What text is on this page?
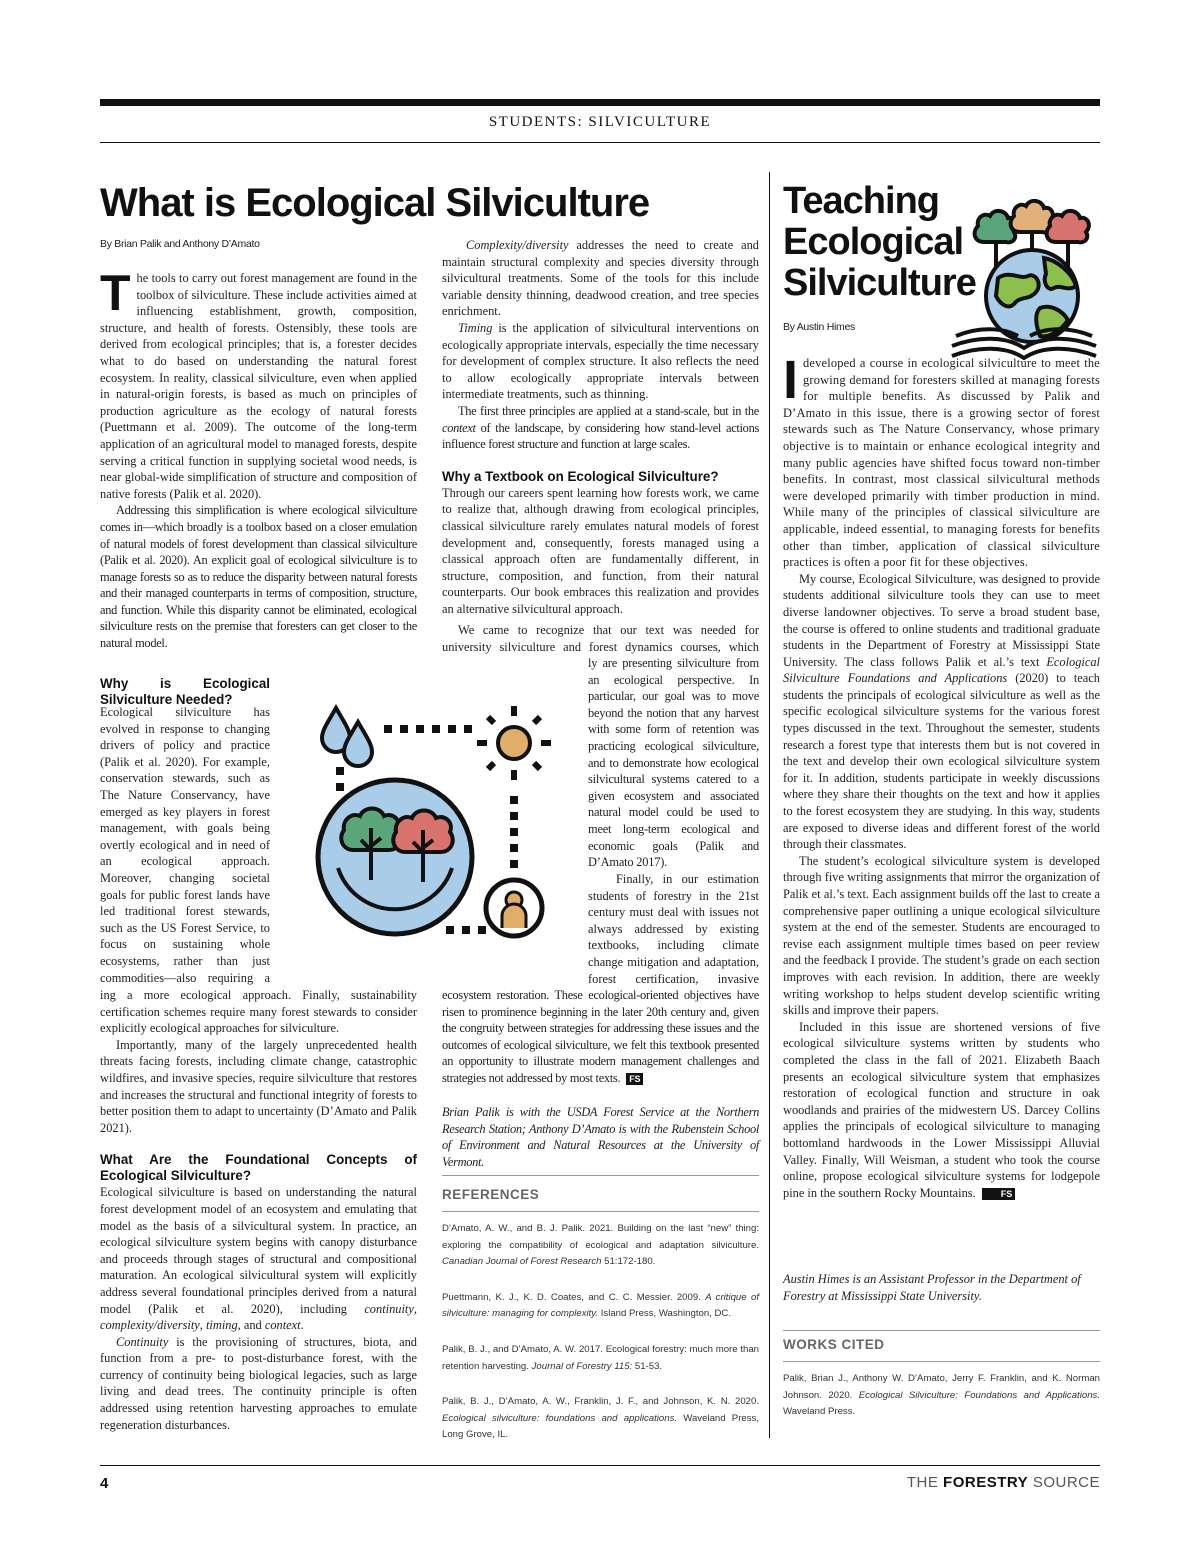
STUDENTS: SILVICULTURE
What is Ecological Silviculture
By Brian Palik and Anthony D’Amato

The tools to carry out forest management are found in the toolbox of silviculture. These include activities aimed at influencing establishment, growth, composition, structure, and health of forests. Ostensibly, these tools are derived from ecological principles; that is, a forester decides what to do based on understanding the natural forest ecosystem. In reality, classical silviculture, even when applied in natural-origin forests, is based as much on principles of production agriculture as the ecology of natural forests (Puettmann et al. 2009). The outcome of the long-term application of an agricultural model to managed forests, despite serving a critical function in supplying societal wood needs, is near global-wide simplification of structure and composition of native forests (Palik et al. 2020).

Addressing this simplification is where ecological silviculture comes in—which broadly is a toolbox based on a closer emulation of natural models of forest development than classical silviculture (Palik et al. 2020). An explicit goal of ecological silviculture is to manage forests so as to reduce the disparity between natural forests and their managed counterparts in terms of composition, structure, and function. While this disparity cannot be eliminated, ecological silviculture rests on the premise that foresters can get closer to the natural model.

Why is Ecological Silviculture Needed?

Ecological silviculture has evolved in response to changing drivers of policy and practice (Palik et al. 2020). For example, conservation stewards, such as The Nature Conservancy, have emerged as key players in forest management, with goals being overtly ecological and in need of an ecological approach. Moreover, changing societal goals for public forest lands have led traditional forest stewards, such as the US Forest Service, to focus on sustaining whole ecosystems, rather than just commodities—also requiring a

ing a more ecological approach. Finally, sustainability certification schemes require many forest stewards to consider explicitly ecological approaches for silviculture.

Importantly, many of the largely unprecedented health threats facing forests, including climate change, catastrophic wildfires, and invasive species, require silviculture that restores and increases the structural and functional integrity of forests to better position them to adapt to uncertainty (D’Amato and Palik 2021).

What Are the Foundational Concepts of Ecological Silviculture?

Ecological silviculture is based on understanding the natural forest development model of an ecosystem and emulating that model as the basis of a silvicultural system. In practice, an ecological silviculture system begins with canopy disturbance and proceeds through stages of structural and compositional maturation. An ecological silvicultural system will explicitly address several foundational principles derived from a natural model (Palik et al. 2020), including continuity, complexity/diversity, timing, and context.

Continuity is the provisioning of structures, biota, and function from a pre- to post-disturbance forest, with the currency of continuity being biological legacies, such as large living and dead trees. The continuity principle is often addressed using retention harvesting approaches to emulate regeneration disturbances.

Complexity/diversity addresses the need to create and maintain structural complexity and species diversity through silvicultural treatments. Some of the tools for this include variable density thinning, deadwood creation, and tree species enrichment.

Timing is the application of silvicultural interventions on ecologically appropriate intervals, especially the time necessary for development of complex structure. It also reflects the need to allow ecologically appropriate intervals between intermediate treatments, such as thinning.

The first three principles are applied at a stand-scale, but in the context of the landscape, by considering how stand-level actions influence forest structure and function at large scales.

Why a Textbook on Ecological Silviculture?

Through our careers spent learning how forests work, we came to realize that, although drawing from ecological principles, classical silviculture rarely emulates natural models of forest development and, consequently, forests managed using a classical approach often are fundamentally different, in structure, composition, and function, from their natural counterparts. Our book embraces this realization and provides an alternative silvicultural approach.

We came to recognize that our text was needed for university silviculture and forest dynamics courses, which

ly are presenting silviculture from an ecological perspective. In particular, our goal was to move beyond the notion that any harvest with some form of retention was practicing ecological silviculture, and to demonstrate how ecological silvicultural systems catered to a given ecosystem and associated natural model could be used to meet long-term ecological and economic goals (Palik and D’Amato 2017).

Finally, in our estimation students of forestry in the 21st century must deal with issues not always addressed by existing textbooks, including climate change mitigation and adaptation, forest certification, invasive

ecosystem restoration. These ecological-oriented objectives have risen to prominence beginning in the later 20th century and, given the congruity between strategies for addressing these issues and the outcomes of ecological silviculture, we felt this textbook presented an opportunity to illustrate modern management challenges and strategies not addressed by most texts. FS

Brian Palik is with the USDA Forest Service at the Northern Research Station; Anthony D’Amato is with the Rubenstein School of Environment and Natural Resources at the University of Vermont.
REFERENCES

D’Amato, A. W., and B. J. Palik. 2021. Building on the last “new” thing: exploring the compatibility of ecological and adaptation silviculture. Canadian Journal of Forest Research 51:172-180.

Puettmann, K. J., K. D. Coates, and C. C. Messier. 2009. A critique of silviculture: managing for complexity. Island Press, Washington, DC.

Palik, B. J., and D’Amato, A. W. 2017. Ecological forestry: much more than retention harvesting. Journal of Forestry 115: 51-53.

Palik, B. J., D’Amato, A. W., Franklin, J. F., and Johnson, K. N. 2020. Ecological silviculture: foundations and applications. Waveland Press, Long Grove, IL.

Teaching Ecological Silviculture
By Austin Himes

Ideveloped a course in ecological silviculture to meet the growing demand for foresters skilled at managing forests for multiple benefits. As discussed by Palik and D’Amato in this issue, there is a growing sector of forest stewards such as The Nature Conservancy, whose primary objective is to maintain or enhance ecological integrity and many public agencies have shifted focus toward non-timber benefits. In contrast, most classical silvicultural methods were developed primarily with timber production in mind. While many of the principles of classical silviculture are applicable, indeed essential, to managing forests for benefits other than timber, application of classical silviculture practices is often a poor fit for these objectives.

My course, Ecological Silviculture, was designed to provide students additional silviculture tools they can use to meet diverse landowner objectives. To serve a broad student base, the course is offered to online students and traditional graduate students in the Department of Forestry at Mississippi State University. The class follows Palik et al.’s text Ecological Silviculture Foundations and Applications (2020) to teach students the principals of ecological silviculture as well as the specific ecological silviculture systems for the various forest types discussed in the text. Throughout the semester, students research a forest type that interests them but is not covered in the text and develop their own ecological silviculture system for it. In addition, students participate in weekly discussions where they share their thoughts on the text and how it applies to the forest ecosystem they are studying. In this way, students are exposed to diverse ideas and different forest of the world through their classmates.

The student’s ecological silviculture system is developed through five writing assignments that mirror the organization of Palik et al.’s text. Each assignment builds off the last to create a comprehensive paper outlining a unique ecological silviculture system at the end of the semester. Students are encouraged to revise each assignment multiple times based on peer review and the feedback I provide. The student’s grade on each section improves with each revision. In addition, there are weekly writing workshop to helps student develop scientific writing skills and improve their papers.

Included in this issue are shortened versions of five ecological silviculture systems written by students who completed the class in the fall of 2021. Elizabeth Baach presents an ecological silviculture system that emphasizes restoration of ecological function and structure in oak woodlands and prairies of the midwestern US. Darcey Collins applies the principals of ecological silviculture to managing bottomland hardwoods in the Lower Mississippi Alluvial Valley. Finally, Will Weisman, a student who took the course online, propose ecological silviculture systems for lodgepole pine in the southern Rocky Mountains.	FS

Austin Himes is an Assistant Professor in the Department of Forestry at Mississippi State University.
WORKS CITED

Palik, Brian J., Anthony W. D’Amato, Jerry F. Franklin, and K. Norman Johnson. 2020. Ecological Silviculture: Foundations and Applications. Waveland Press.

4	THE FORESTRY SOURCE
